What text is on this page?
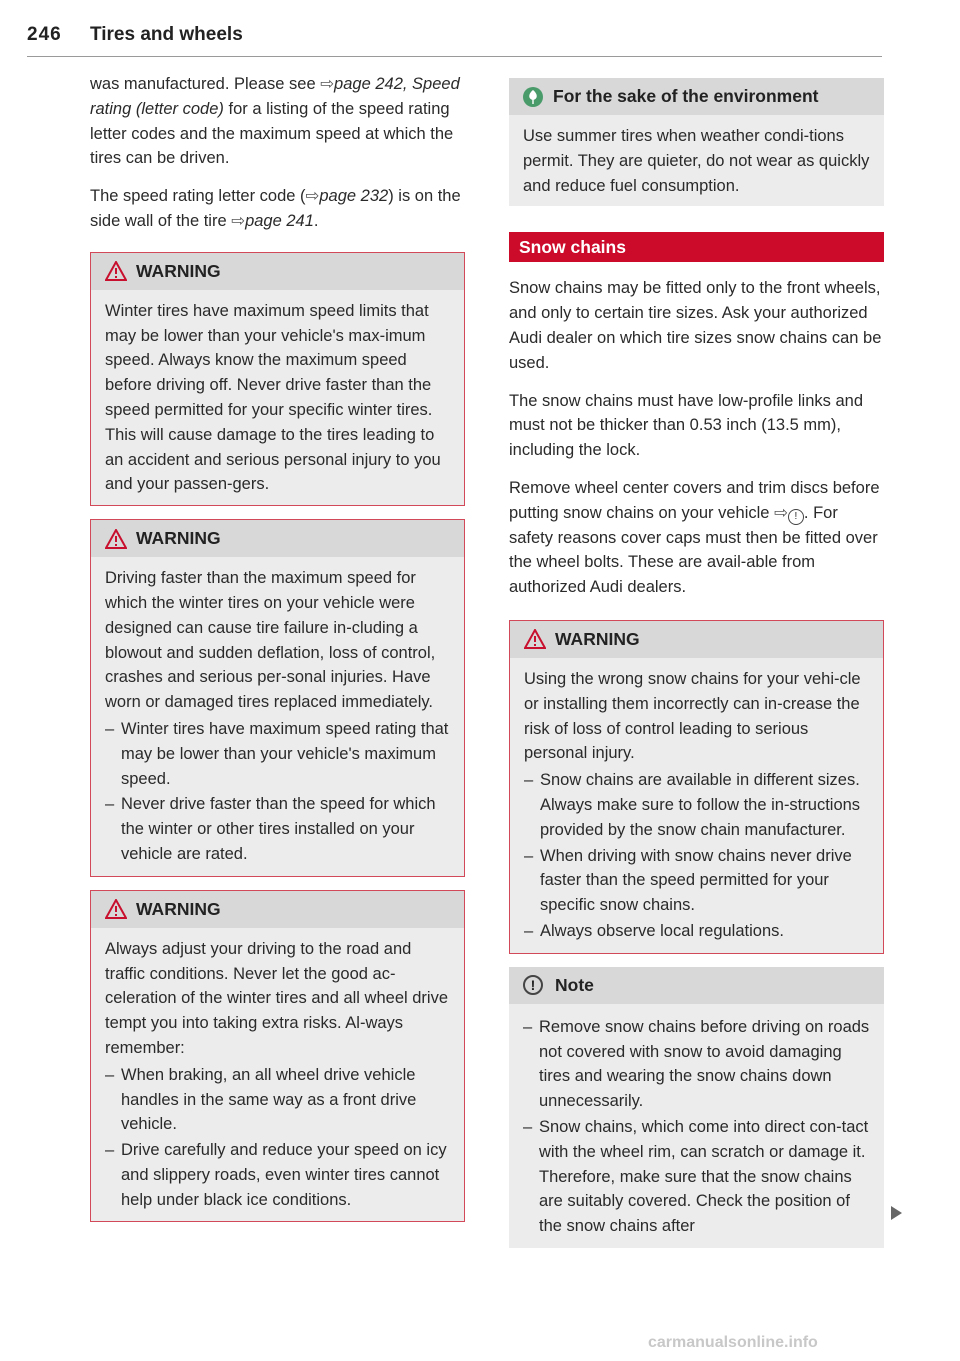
246 Tires and wheels

was manufactured. Please see ⇨page 242, Speed rating (letter code) for a listing of the speed rating letter codes and the maximum speed at which the tires can be driven.

The speed rating letter code (⇨page 232) is on the side wall of the tire ⇨page 241.

WARNING

Winter tires have maximum speed limits that may be lower than your vehicle's max-imum speed. Always know the maximum speed before driving off. Never drive faster than the speed permitted for your specific winter tires. This will cause damage to the tires leading to an accident and serious personal injury to you and your passen-gers.

WARNING

Driving faster than the maximum speed for which the winter tires on your vehicle were designed can cause tire failure in-cluding a blowout and sudden deflation, loss of control, crashes and serious per-sonal injuries. Have worn or damaged tires replaced immediately.

– Winter tires have maximum speed rating that may be lower than your vehicle's maximum speed.
– Never drive faster than the speed for which the winter or other tires installed on your vehicle are rated.
WARNING

Always adjust your driving to the road and traffic conditions. Never let the good ac-celeration of the winter tires and all wheel drive tempt you into taking extra risks. Al-ways remember:

– When braking, an all wheel drive vehicle handles in the same way as a front drive vehicle.
– Drive carefully and reduce your speed on icy and slippery roads, even winter tires cannot help under black ice conditions.
For the sake of the environment

Use summer tires when weather condi-tions permit. They are quieter, do not wear as quickly and reduce fuel consumption.

Snow chains

Snow chains may be fitted only to the front wheels, and only to certain tire sizes. Ask your authorized Audi dealer on which tire sizes snow chains can be used.

The snow chains must have low-profile links and must not be thicker than 0.53 inch (13.5 mm), including the lock.

Remove wheel center covers and trim discs before putting snow chains on your vehicle ⇨ ! . For safety reasons cover caps must then be fitted over the wheel bolts. These are avail-able from authorized Audi dealers.

WARNING

Using the wrong snow chains for your vehi-cle or installing them incorrectly can in-crease the risk of loss of control leading to serious personal injury.

– Snow chains are available in different sizes. Always make sure to follow the in-structions provided by the snow chain manufacturer.
– When driving with snow chains never drive faster than the speed permitted for your specific snow chains.
– Always observe local regulations.
!	Note
– Remove snow chains before driving on roads not covered with snow to avoid damaging tires and wearing the snow chains down unnecessarily.
– Snow chains, which come into direct con-tact with the wheel rim, can scratch or damage it. Therefore, make sure that the snow chains are suitably covered. Check the position of the snow chains after
carmanualsonline.info
